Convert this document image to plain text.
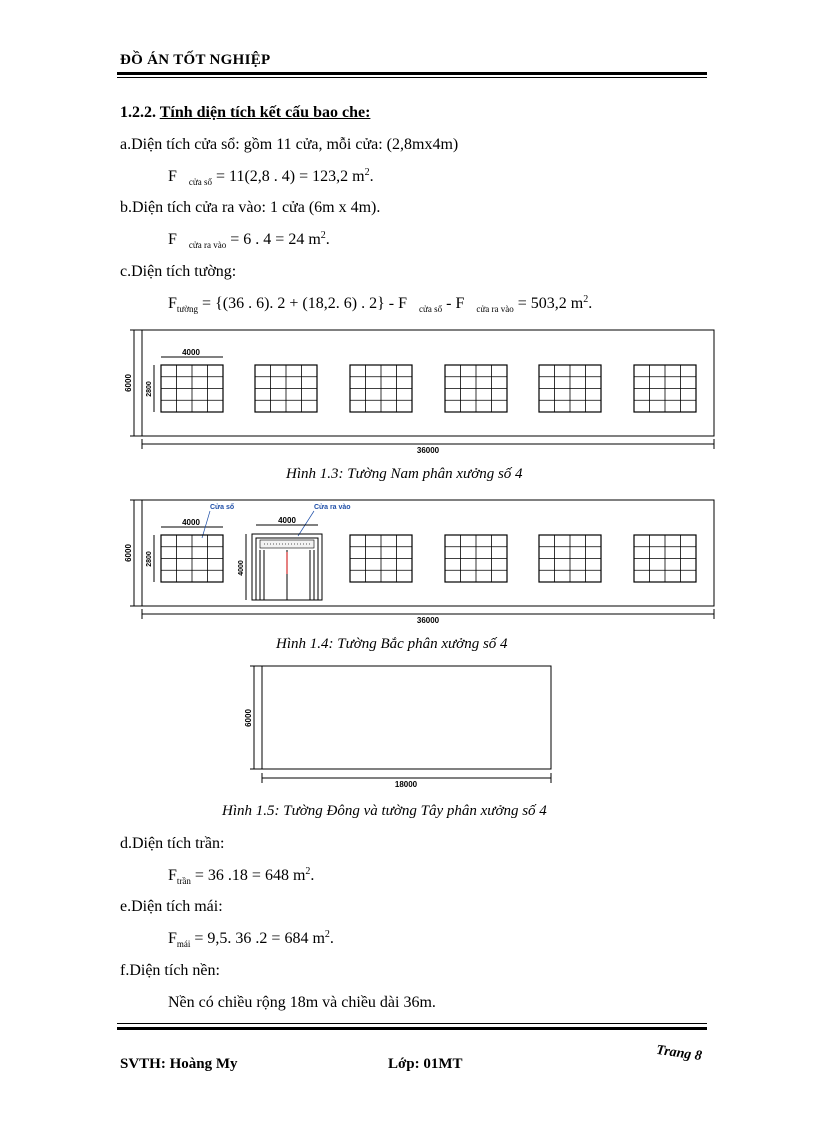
ĐỒ ÁN TỐT NGHIỆP
1.2.2. Tính diện tích kết cấu bao che:
a.Diện tích cửa sổ: gồm 11 cửa, mỗi cửa: (2,8mx4m)
F $_{cửa sổ}$ = 11(2,8 . 4) = 123,2 $m^2$.
b.Diện tích cửa ra vào: 1 cửa (6m x 4m).
F $_{cửa ra vào}$ = 6 . 4 = 24 $m^2$.
c.Diện tích tường:
$F_{tường} = \{(36$ . 6). 2 + (18,2. 6) . 2} - F $_{cửa sổ}$ - F $_{cửa ra vào}$ = 503,2 $m^2$.
6000
36000
4000
2800
Hình 1.3: Tường Nam phân xưởng số 4
6000
36000
4000
2800
Cửa sổ	Cửa ra vào
4000
4000
Hình 1.4: Tường Bắc phân xưởng số 4
6000
18000
Hình 1.5: Tường Đông và tường Tây phân xưởng số 4
d.Diện tích trần:
$F_{trần} = 36$ .18 = 648 $m^2$.
e.Diện tích mái:
$F_{mái} = 9,5$. 36 .2 = 684 $m^2$.
f.Diện tích nền:
Nền có chiều rộng 18m và chiều dài 36m.
SVTH: Hoàng My	Lớp: 01MT	Trang 8
